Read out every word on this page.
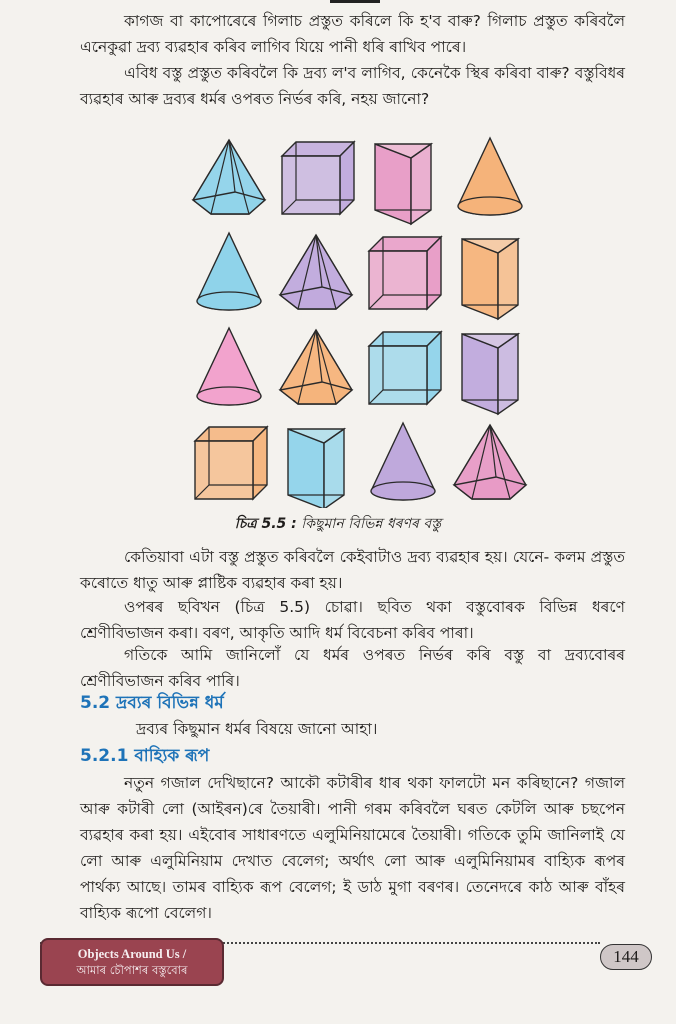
কাগজ বা কাপোৰেৰে গিলাচ প্ৰস্তুত কৰিলে কি হ'ব বাৰু? গিলাচ প্ৰস্তুত কৰিবলৈ এনেকুৱা দ্ৰব্য ব্যৱহাৰ কৰিব লাগিব যিয়ে পানী ধৰি ৰাখিব পাৰে।

এবিধ বস্তু প্ৰস্তুত কৰিবলৈ কি দ্ৰব্য ল'ব লাগিব, কেনেকৈ স্থিৰ কৰিবা বাৰু? বস্তুবিধৰ ব্যৱহাৰ আৰু দ্ৰব্যৰ ধৰ্মৰ ওপৰত নিৰ্ভৰ কৰি, নহয় জানো?

চিত্ৰ 5.5 : কিছুমান বিভিন্ন ধৰণৰ বস্তু

কেতিয়াবা এটা বস্তু প্ৰস্তুত কৰিবলৈ কেইবাটাও দ্ৰব্য ব্যৱহাৰ হয়। যেনে- কলম প্ৰস্তুত কৰোতে ধাতু আৰু প্লাষ্টিক ব্যৱহাৰ কৰা হয়।

ওপৰৰ ছবিখন (চিত্ৰ 5.5) চোৱা। ছবিত থকা বস্তুবোৰক বিভিন্ন ধৰণে শ্ৰেণীবিভাজন কৰা। বৰণ, আকৃতি আদি ধৰ্ম বিবেচনা কৰিব পাৰা।

গতিকে আমি জানিলোঁ যে ধৰ্মৰ ওপৰত নিৰ্ভৰ কৰি বস্তু বা দ্ৰব্যবোৰৰ শ্ৰেণীবিভাজন কৰিব পাৰি।

5.2 দ্ৰব্যৰ বিভিন্ন ধৰ্ম

দ্ৰব্যৰ কিছুমান ধৰ্মৰ বিষয়ে জানো আহা।

5.2.1 বাহ্যিক ৰূপ

নতুন গজাল দেখিছানে? আকৌ কটাৰীৰ ধাৰ থকা ফালটো মন কৰিছানে? গজাল আৰু কটাৰী লো (আইৰন)ৰে তৈয়াৰী। পানী গৰম কৰিবলৈ ঘৰত কেটলি আৰু চছপেন ব্যৱহাৰ কৰা হয়। এইবোৰ সাধাৰণতে এলুমিনিয়ামেৰে তৈয়াৰী। গতিকে তুমি জানিলাই যে লো আৰু এলুমিনিয়াম দেখাত বেলেগ; অৰ্থাৎ লো আৰু এলুমিনিয়ামৰ বাহ্যিক ৰূপৰ পাৰ্থক্য আছে। তামৰ বাহ্যিক ৰূপ বেলেগ; ই ডাঠ মুগা বৰণৰ। তেনেদৰে কাঠ আৰু বাঁহৰ বাহ্যিক ৰূপো বেলেগ।

Objects Around Us /
আমাৰ চৌপাশৰ বস্তুবোৰ
144
